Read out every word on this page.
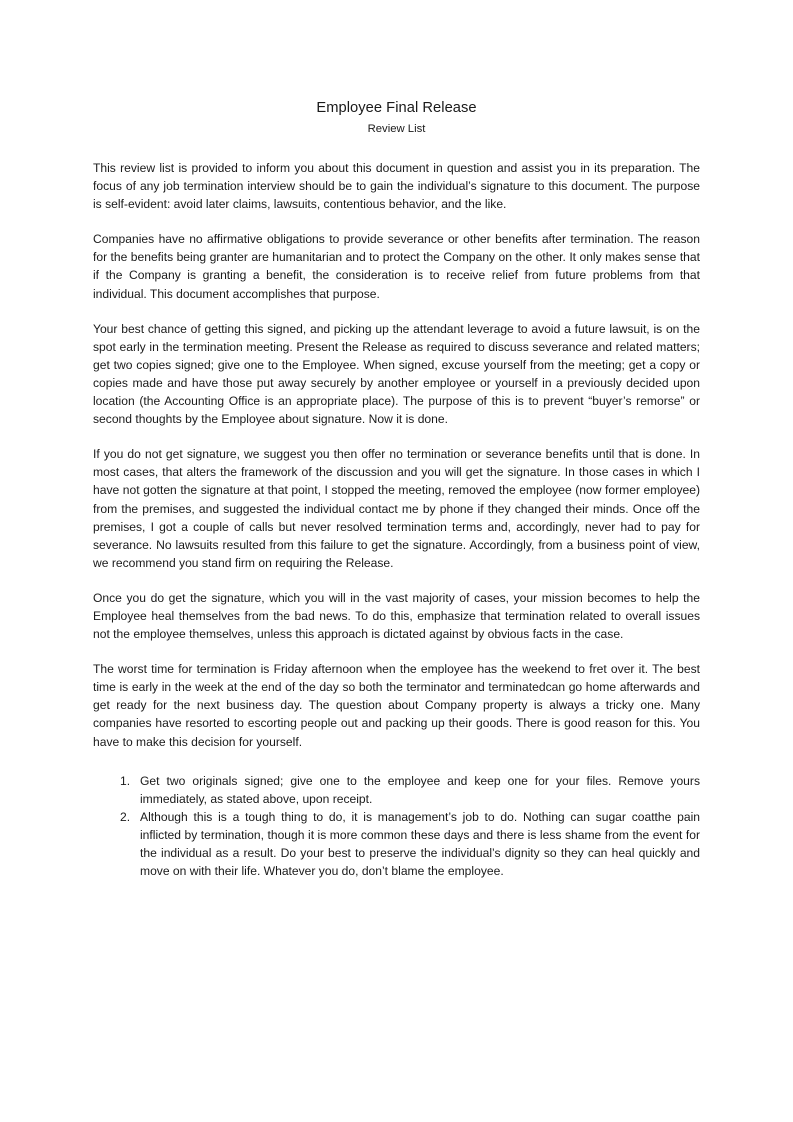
Employee Final Release
Review List

This review list is provided to inform you about this document in question and assist you in its preparation. The focus of any job termination interview should be to gain the individual’s signature to this document. The purpose is self-evident: avoid later claims, lawsuits, contentious behavior, and the like.

Companies have no affirmative obligations to provide severance or other benefits after termination. The reason for the benefits being granter are humanitarian and to protect the Company on the other. It only makes sense that if the Company is granting a benefit, the consideration is to receive relief from future problems from that individual. This document accomplishes that purpose.

Your best chance of getting this signed, and picking up the attendant leverage to avoid a future lawsuit, is on the spot early in the termination meeting. Present the Release as required to discuss severance and related matters; get two copies signed; give one to the Employee. When signed, excuse yourself from the meeting; get a copy or copies made and have those put away securely by another employee or yourself in a previously decided upon location (the Accounting Office is an appropriate place). The purpose of this is to prevent “buyer’s remorse” or second thoughts by the Employee about signature. Now it is done.

If you do not get signature, we suggest you then offer no termination or severance benefits until that is done. In most cases, that alters the framework of the discussion and you will get the signature. In those cases in which I have not gotten the signature at that point, I stopped the meeting, removed the employee (now former employee) from the premises, and suggested the individual contact me by phone if they changed their minds. Once off the premises, I got a couple of calls but never resolved termination terms and, accordingly, never had to pay for severance. No lawsuits resulted from this failure to get the signature. Accordingly, from a business point of view, we recommend you stand firm on requiring the Release.

Once you do get the signature, which you will in the vast majority of cases, your mission becomes to help the Employee heal themselves from the bad news. To do this, emphasize that termination related to overall issues not the employee themselves, unless this approach is dictated against by obvious facts in the case.

The worst time for termination is Friday afternoon when the employee has the weekend to fret over it. The best time is early in the week at the end of the day so both the terminator and terminatedcan go home afterwards and get ready for the next business day. The question about Company property is always a tricky one. Many companies have resorted to escorting people out and packing up their goods. There is good reason for this. You have to make this decision for yourself.

Get two originals signed; give one to the employee and keep one for your files. Remove yours immediately, as stated above, upon receipt.
Although this is a tough thing to do, it is management’s job to do. Nothing can sugar coatthe pain inflicted by termination, though it is more common these days and there is less shame from the event for the individual as a result. Do your best to preserve the individual’s dignity so they can heal quickly and move on with their life. Whatever you do, don’t blame the employee.
